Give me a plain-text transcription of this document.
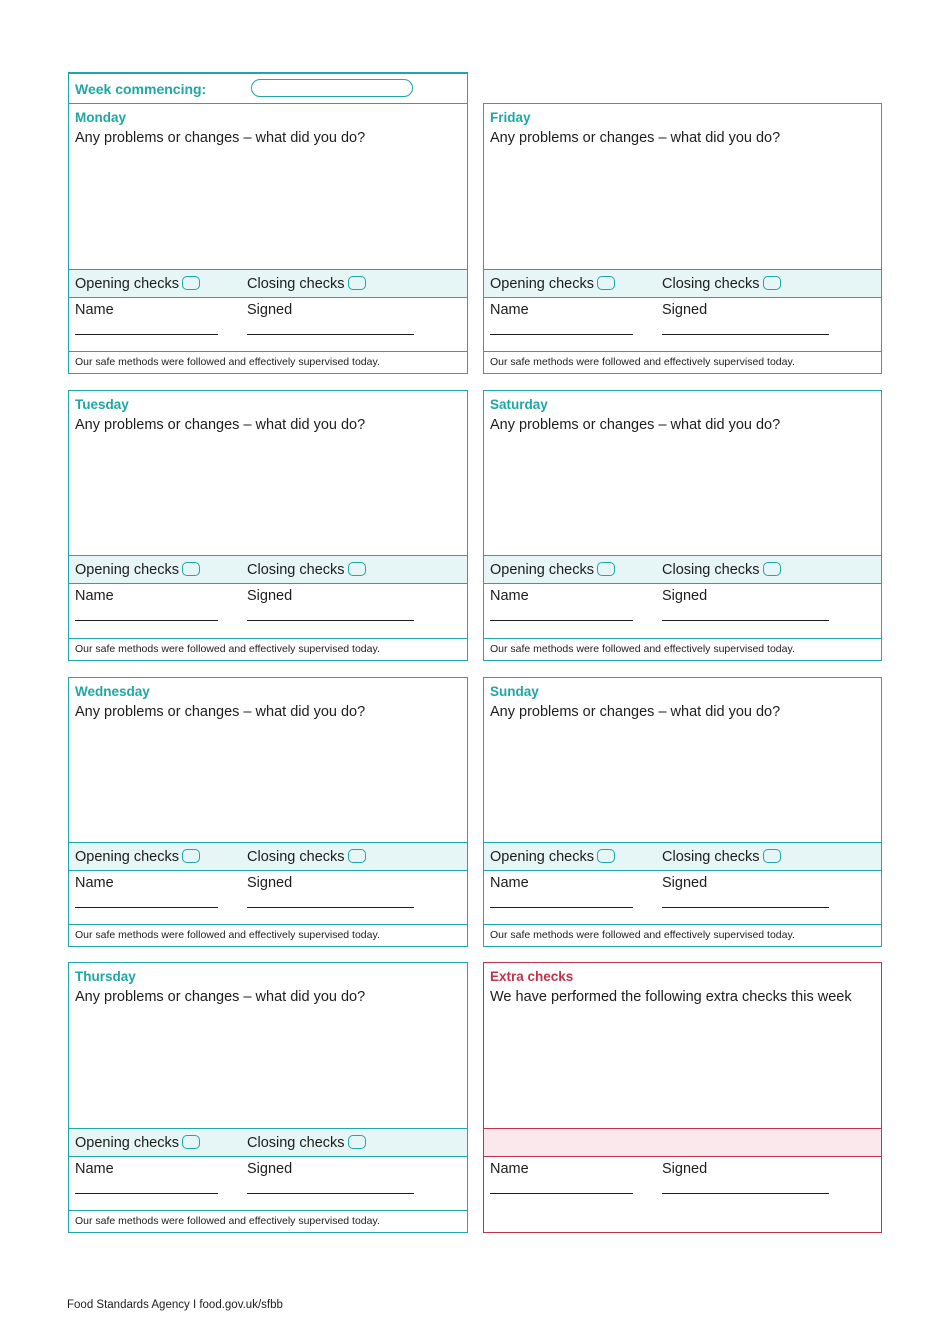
Week commencing:
Monday
Any problems or changes – what did you do?
Opening checks	Closing checks
Name	Signed
Our safe methods were followed and effectively supervised today.
Tuesday
Any problems or changes – what did you do?
Opening checks	Closing checks
Name	Signed
Our safe methods were followed and effectively supervised today.
Wednesday
Any problems or changes – what did you do?
Opening checks	Closing checks
Name	Signed
Our safe methods were followed and effectively supervised today.
Thursday
Any problems or changes – what did you do?
Opening checks	Closing checks
Name	Signed
Our safe methods were followed and effectively supervised today.
Friday
Any problems or changes – what did you do?
Opening checks	Closing checks
Name	Signed
Our safe methods were followed and effectively supervised today.
Saturday
Any problems or changes – what did you do?
Opening checks	Closing checks
Name	Signed
Our safe methods were followed and effectively supervised today.
Sunday
Any problems or changes – what did you do?
Opening checks	Closing checks
Name	Signed
Our safe methods were followed and effectively supervised today.
Extra checks
We have performed the following extra checks this week
Name	Signed
Food Standards Agency I food.gov.uk/sfbb
